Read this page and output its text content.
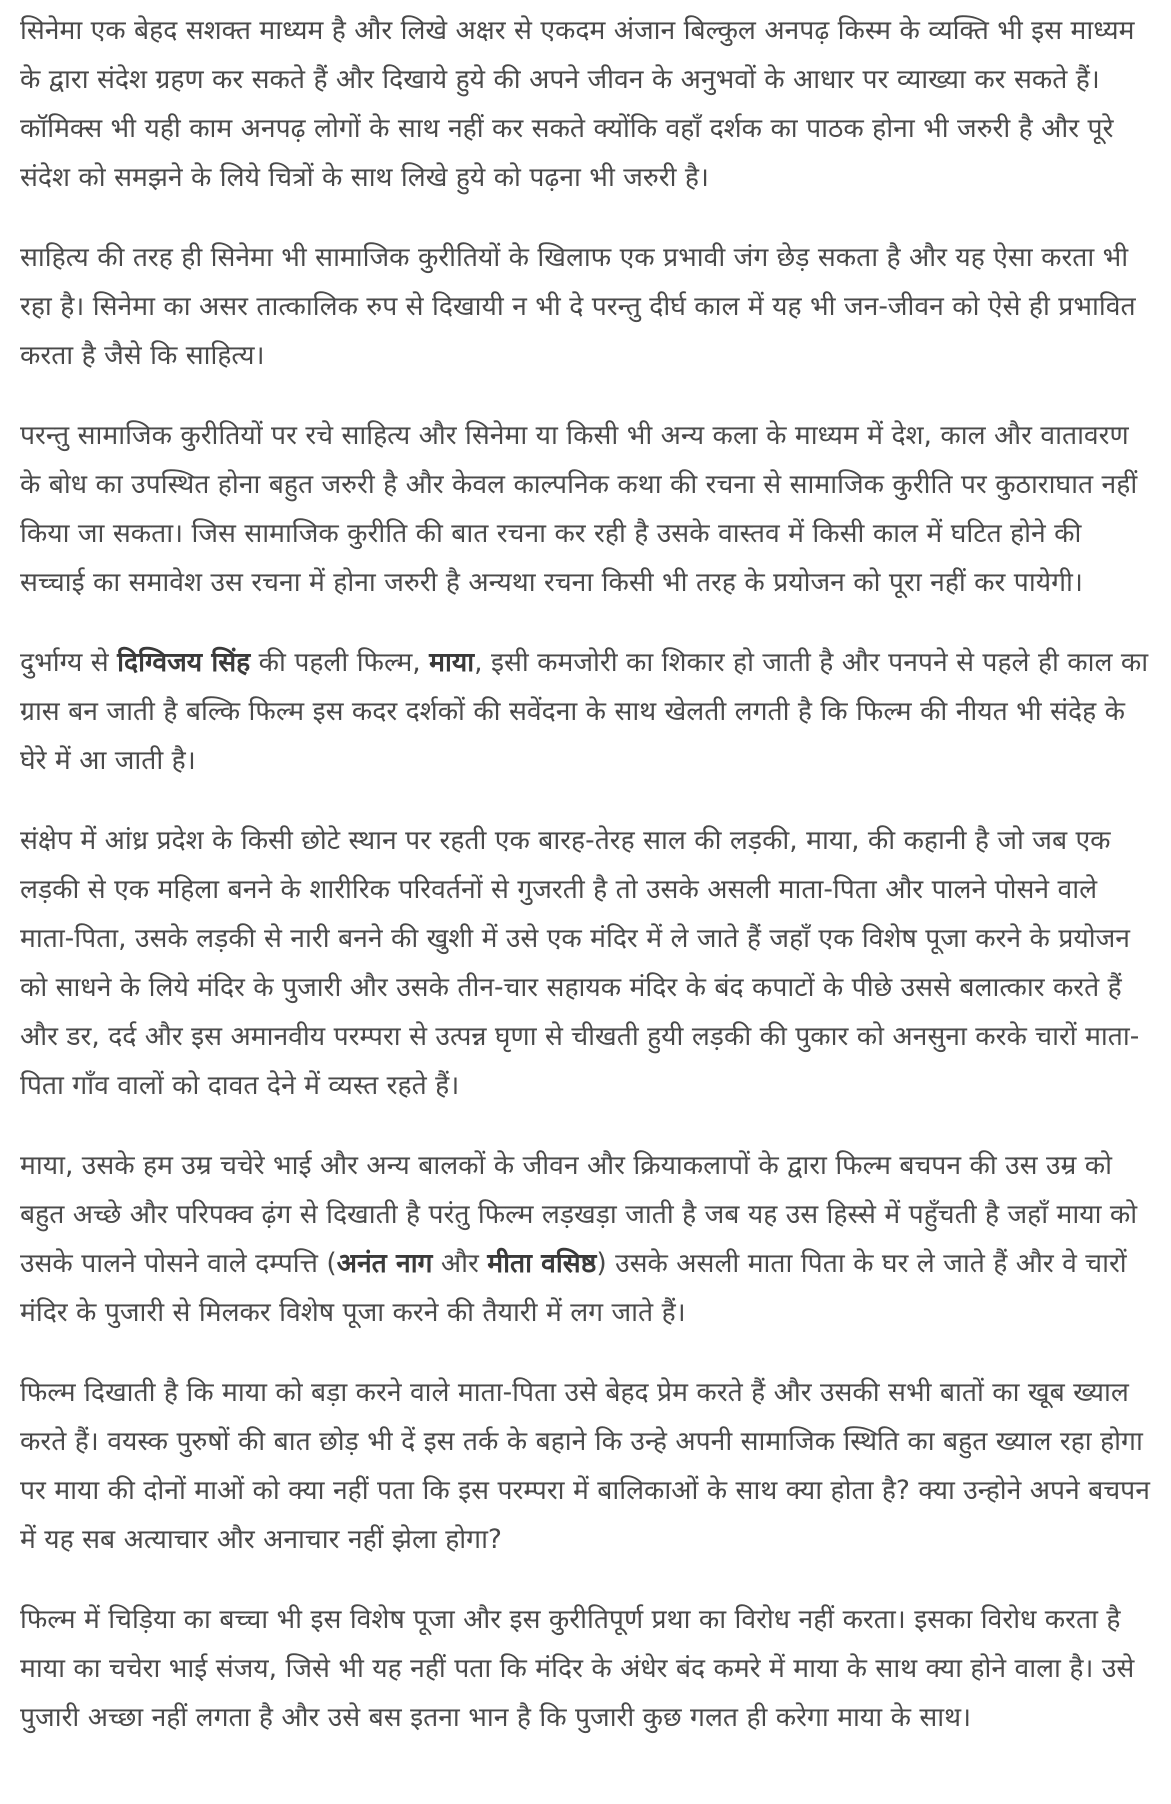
सिनेमा एक बेहद सशक्त माध्यम है और लिखे अक्षर से एकदम अंजान बिल्कुल अनपढ़ किस्म के व्यक्ति भी इस माध्यम के द्वारा संदेश ग्रहण कर सकते हैं और दिखाये हुये की अपने जीवन के अनुभवों के आधार पर व्याख्या कर सकते हैं। कॉमिक्स भी यही काम अनपढ़ लोगों के साथ नहीं कर सकते क्योंकि वहाँ दर्शक का पाठक होना भी जरुरी है और पूरे संदेश को समझने के लिये चित्रों के साथ लिखे हुये को पढ़ना भी जरुरी है।

साहित्य की तरह ही सिनेमा भी सामाजिक कुरीतियों के खिलाफ एक प्रभावी जंग छेड़ सकता है और यह ऐसा करता भी रहा है। सिनेमा का असर तात्कालिक रुप से दिखायी न भी दे परन्तु दीर्घ काल में यह भी जन-जीवन को ऐसे ही प्रभावित करता है जैसे कि साहित्य।

परन्तु सामाजिक कुरीतियों पर रचे साहित्य और सिनेमा या किसी भी अन्य कला के माध्यम में देश, काल और वातावरण के बोध का उपस्थित होना बहुत जरुरी है और केवल काल्पनिक कथा की रचना से सामाजिक कुरीति पर कुठाराघात नहीं किया जा सकता। जिस सामाजिक कुरीति की बात रचना कर रही है उसके वास्तव में किसी काल में घटित होने की सच्चाई का समावेश उस रचना में होना जरुरी है अन्यथा रचना किसी भी तरह के प्रयोजन को पूरा नहीं कर पायेगी।

दुर्भाग्य से दिग्विजय सिंह की पहली फिल्म, माया, इसी कमजोरी का शिकार हो जाती है और पनपने से पहले ही काल का ग्रास बन जाती है बल्कि फिल्म इस कदर दर्शकों की सवेंदना के साथ खेलती लगती है कि फिल्म की नीयत भी संदेह के घेरे में आ जाती है।

संक्षेप में आंध्र प्रदेश के किसी छोटे स्थान पर रहती एक बारह-तेरह साल की लड़की, माया, की कहानी है जो जब एक लड़की से एक महिला बनने के शारीरिक परिवर्तनों से गुजरती है तो उसके असली माता-पिता और पालने पोसने वाले माता-पिता, उसके लड़की से नारी बनने की खुशी में उसे एक मंदिर में ले जाते हैं जहाँ एक विशेष पूजा करने के प्रयोजन को साधने के लिये मंदिर के पुजारी और उसके तीन-चार सहायक मंदिर के बंद कपाटों के पीछे उससे बलात्कार करते हैं और डर, दर्द और इस अमानवीय परम्परा से उत्पन्न घृणा से चीखती हुयी लड़की की पुकार को अनसुना करके चारों माता-पिता गाँव वालों को दावत देने में व्यस्त रहते हैं।

माया, उसके हम उम्र चचेरे भाई और अन्य बालकों के जीवन और क्रियाकलापों के द्वारा फिल्म बचपन की उस उम्र को बहुत अच्छे और परिपक्व ढ़ंग से दिखाती है परंतु फिल्म लड़खड़ा जाती है जब यह उस हिस्से में पहुँचती है जहाँ माया को उसके पालने पोसने वाले दम्पत्ति (अनंत नाग और मीता वसिष्ठ) उसके असली माता पिता के घर ले जाते हैं और वे चारों मंदिर के पुजारी से मिलकर विशेष पूजा करने की तैयारी में लग जाते हैं।

फिल्म दिखाती है कि माया को बड़ा करने वाले माता-पिता उसे बेहद प्रेम करते हैं और उसकी सभी बातों का खूब ख्याल करते हैं। वयस्क पुरुषों की बात छोड़ भी दें इस तर्क के बहाने कि उन्हे अपनी सामाजिक स्थिति का बहुत ख्याल रहा होगा पर माया की दोनों माओं को क्या नहीं पता कि इस परम्परा में बालिकाओं के साथ क्या होता है? क्या उन्होने अपने बचपन में यह सब अत्याचार और अनाचार नहीं झेला होगा?

फिल्म में चिड़िया का बच्चा भी इस विशेष पूजा और इस कुरीतिपूर्ण प्रथा का विरोध नहीं करता। इसका विरोध करता है माया का चचेरा भाई संजय, जिसे भी यह नहीं पता कि मंदिर के अंधेर बंद कमरे में माया के साथ क्या होने वाला है। उसे पुजारी अच्छा नहीं लगता है और उसे बस इतना भान है कि पुजारी कुछ गलत ही करेगा माया के साथ।
